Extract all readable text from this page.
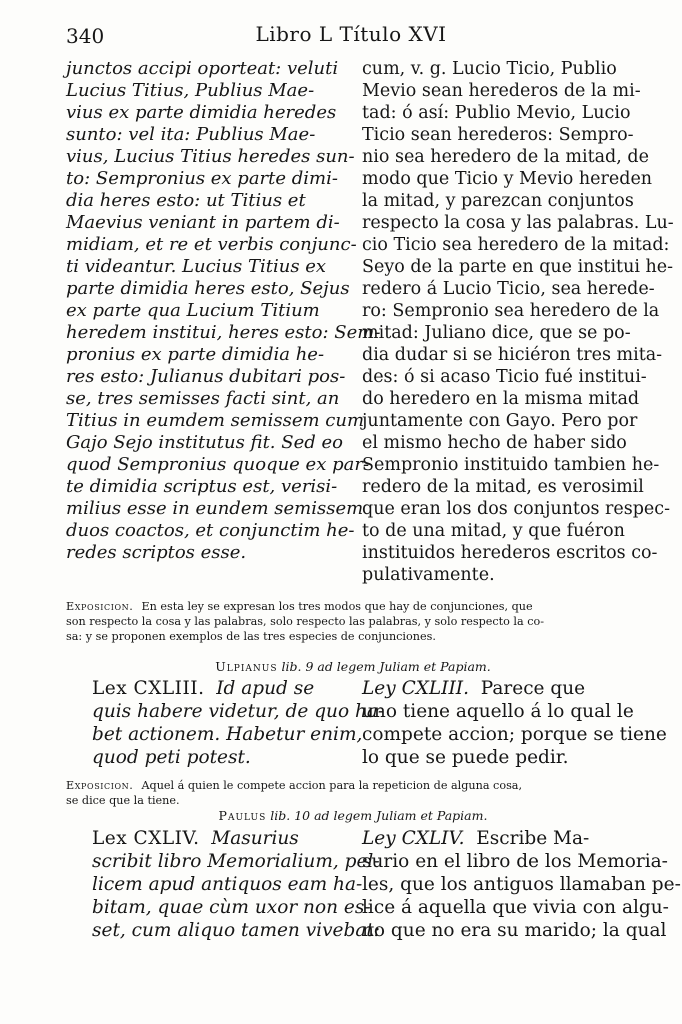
340	Libro L Título XVI
junctos accipi oporteat: veluti
Lucius Titius, Publius Mae-
vius ex parte dimidia heredes
sunto: vel ita: Publius Mae-
vius, Lucius Titius heredes sun-
to: Sempronius ex parte dimi-
dia heres esto: ut Titius et
Maevius veniant in partem di-
midiam, et re et verbis conjunc-
ti videantur. Lucius Titius ex
parte dimidia heres esto, Sejus
ex parte qua Lucium Titium
heredem institui, heres esto: Sem-
pronius ex parte dimidia he-
res esto: Julianus dubitari pos-
se, tres semisses facti sint, an
Titius in eumdem semissem cum
Gajo Sejo institutus fit. Sed eo
quod Sempronius quoque ex par-
te dimidia scriptus est, verisi-
milius esse in eundem semissem
duos coactos, et conjunctim he-
redes scriptos esse.
cum, v. g. Lucio Ticio, Publio
Mevio sean herederos de la mi-
tad: ó así: Publio Mevio, Lucio
Ticio sean herederos: Sempro-
nio sea heredero de la mitad, de
modo que Ticio y Mevio hereden
la mitad, y parezcan conjuntos
respecto la cosa y las palabras. Lu-
cio Ticio sea heredero de la mitad:
Seyo de la parte en que institui he-
redero á Lucio Ticio, sea herede-
ro: Sempronio sea heredero de la
mitad: Juliano dice, que se po-
dia dudar si se hiciéron tres mita-
des: ó si acaso Ticio fué institui-
do heredero en la misma mitad
juntamente con Gayo. Pero por
el mismo hecho de haber sido
Sempronio instituido tambien he-
redero de la mitad, es verosimil
que eran los dos conjuntos respec-
to de una mitad, y que fuéron
instituidos herederos escritos co-
pulativamente.
Exposicion. En esta ley se expresan los tres modos que hay de conjunciones, que
son respecto la cosa y las palabras, solo respecto las palabras, y solo respecto la co-
sa: y se proponen exemplos de las tres especies de conjunciones.
Ulpianus lib. 9 ad legem Juliam et Papiam.
Lex CXLIII. Id apud se
quis habere videtur, de quo ha-
bet actionem. Habetur enim,
quod peti potest.
Ley CXLIII. Parece que
uno tiene aquello á lo qual le
compete accion; porque se tiene
lo que se puede pedir.
Exposicion. Aquel á quien le compete accion para la repeticion de alguna cosa,
se dice que la tiene.
Paulus lib. 10 ad legem Juliam et Papiam.
Lex CXLIV. Masurius
scribit libro Memorialium, pel-
licem apud antiquos eam ha-
bitam, quae cùm uxor non es-
set, cum aliquo tamen vivebat:
Ley CXLIV. Escribe Ma-
surio en el libro de los Memoria-
les, que los antiguos llamaban pe-
lice á aquella que vivia con algu-
no que no era su marido; la qual
